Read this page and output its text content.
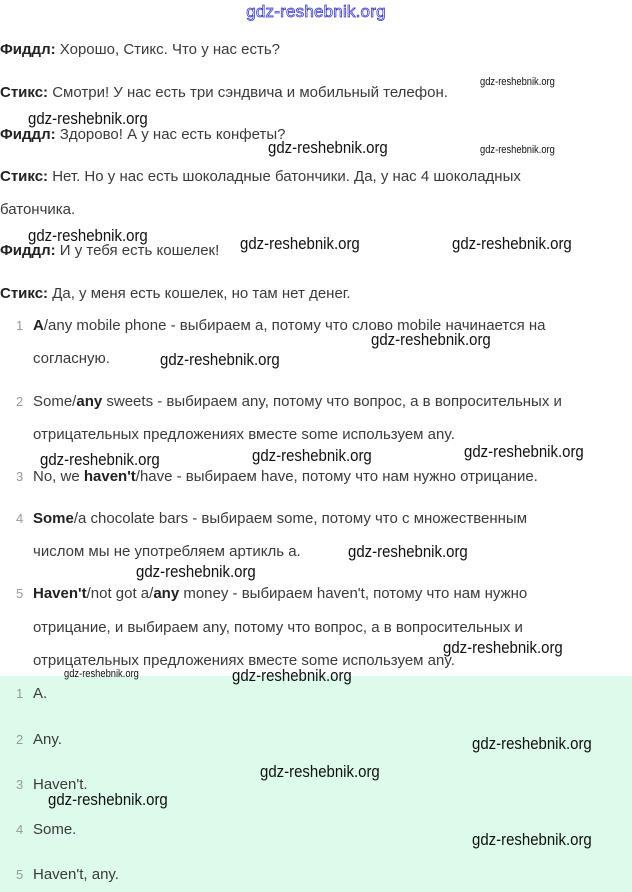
gdz-reshebnik.org
Фиддл: Хорошо, Стикс. Что у нас есть?
Стикс: Смотри! У нас есть три сэндвича и мобильный телефон.
Фиддл: Здорово! А у нас есть конфеты?
Стикс: Нет. Но у нас есть шоколадные батончики. Да, у нас 4 шоколадных
батончика.
Фиддл: И у тебя есть кошелек!
Стикс: Да, у меня есть кошелек, но там нет денег.
1 A/any mobile phone - выбираем a, потому что слово mobile начинается на
согласную.
2 Some/any sweets - выбираем any, потому что вопрос, а в вопросительных и
отрицательных предложениях вместе some используем any.
3 No, we haven't/have - выбираем have, потому что нам нужно отрицание.
4 Some/a chocolate bars - выбираем some, потому что с множественным
числом мы не употребляем артикль a.
5 Haven't/not got a/any money - выбираем haven't, потому что нам нужно
отрицание, и выбираем any, потому что вопрос, а в вопросительных и
отрицательных предложениях вместе some используем any.
1 A.
2 Any.
3 Haven't.
4 Some.
5 Haven't, any.
gdz-reshebnik.org
gdz-reshebnik.org
gdz-reshebnik.org	gdz-reshebnik.org
gdz-reshebnik.org	gdz-reshebnik.org	gdz-reshebnik.org
gdz-reshebnik.org
gdz-reshebnik.org
gdz-reshebnik.org
gdz-reshebnik.org
gdz-reshebnik.org
gdz-reshebnik.org
gdz-reshebnik.org
gdz-reshebnik.org
gdz-reshebnik.org	gdz-reshebnik.org
gdz-reshebnik.org
gdz-reshebnik.org
gdz-reshebnik.org
gdz-reshebnik.org
